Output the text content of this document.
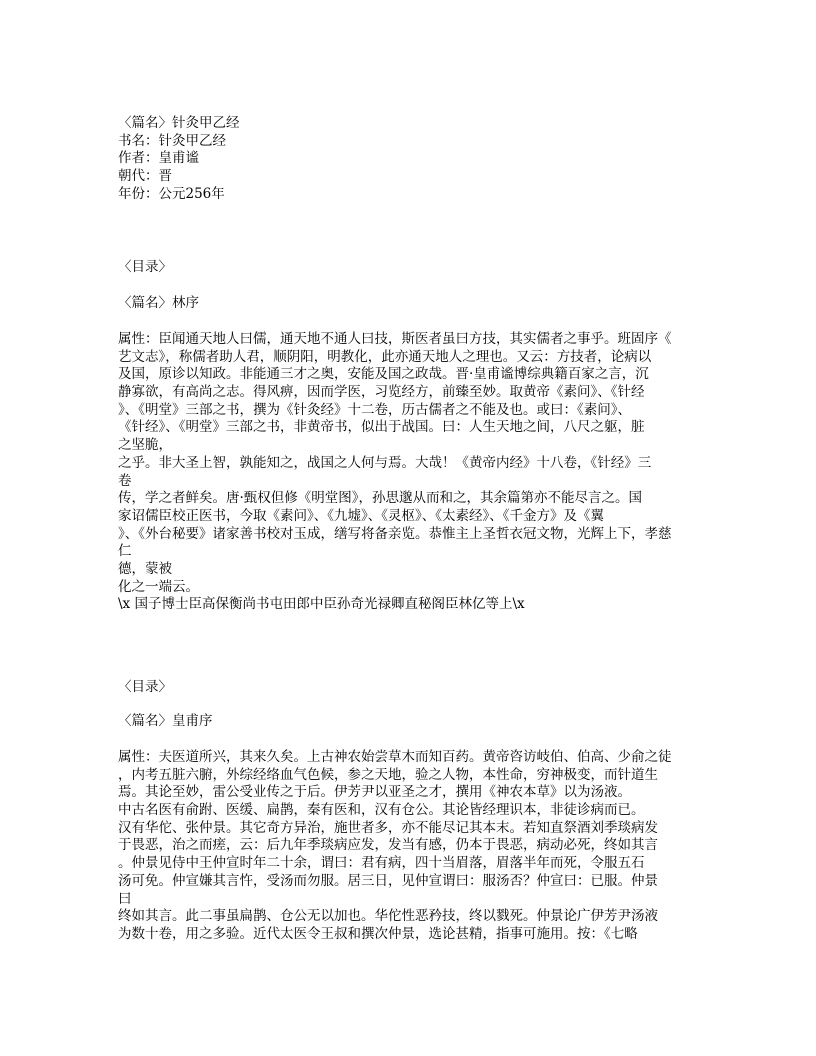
〈篇名〉针灸甲乙经
书名：针灸甲乙经
作者：皇甫谧
朝代：晋
年份：公元256年
〈目录〉
〈篇名〉林序
属性：臣闻通天地人曰儒，通天地不通人曰技，斯医者虽曰方技，其实儒者之事乎。班固序《
艺文志》，称儒者助人君，顺阴阳，明教化，此亦通天地人之理也。又云：方技者，论病以
及国，原诊以知政。非能通三才之奥，安能及国之政哉。晋·皇甫谧博综典籍百家之言，沉
静寡欲，有高尚之志。得风痹，因而学医，习览经方，前臻至妙。取黄帝《素问》、《针经
》、《明堂》三部之书，撰为《针灸经》十二卷，历古儒者之不能及也。或曰：《素问》、
《针经》、《明堂》三部之书，非黄帝书，似出于战国。曰：人生天地之间，八尺之躯，脏
之坚脆，
之乎。非大圣上智，孰能知之，战国之人何与焉。大哉！《黄帝内经》十八卷，《针经》三
卷
传，学之者鲜矣。唐·甄权但修《明堂图》，孙思邈从而和之，其余篇第亦不能尽言之。国
家诏儒臣校正医书，今取《素问》、《九墟》、《灵枢》、《太素经》、《千金方》及《翼
》、《外台秘要》诸家善书校对玉成，缮写将备亲览。恭惟主上圣哲衣冠文物，光辉上下，孝慈
仁
德，蒙被
化之一端云。
\x 国子博士臣高保衡尚书屯田郎中臣孙奇光禄卿直秘阁臣林亿等上\x
〈目录〉
〈篇名〉皇甫序
属性：夫医道所兴，其来久矣。上古神农始尝草木而知百药。黄帝咨访岐伯、伯高、少俞之徒
，内考五脏六腑，外综经络血气色候，参之天地，验之人物，本性命，穷神极变，而针道生
焉。其论至妙，雷公受业传之于后。伊芳尹以亚圣之才，撰用《神农本草》以为汤液。
中古名医有俞跗、医缓、扁鹊，秦有医和，汉有仓公。其论皆经理识本，非徒诊病而已。
汉有华佗、张仲景。其它奇方异治，施世者多，亦不能尽记其本末。若知直祭酒刘季琰病发
于畏恶，治之而瘥，云：后九年季琰病应发，发当有感，仍本于畏恶，病动必死，终如其言
。仲景见侍中王仲宣时年二十余，谓曰：君有病，四十当眉落，眉落半年而死，令服五石
汤可免。仲宣嫌其言忤，受汤而勿服。居三日，见仲宣谓曰：服汤否？仲宣曰：已服。仲景
曰
终如其言。此二事虽扁鹊、仓公无以加也。华佗性恶矜技，终以戮死。仲景论广伊芳尹汤液
为数十卷，用之多验。近代太医令王叔和撰次仲景，选论甚精，指事可施用。按：《七略
